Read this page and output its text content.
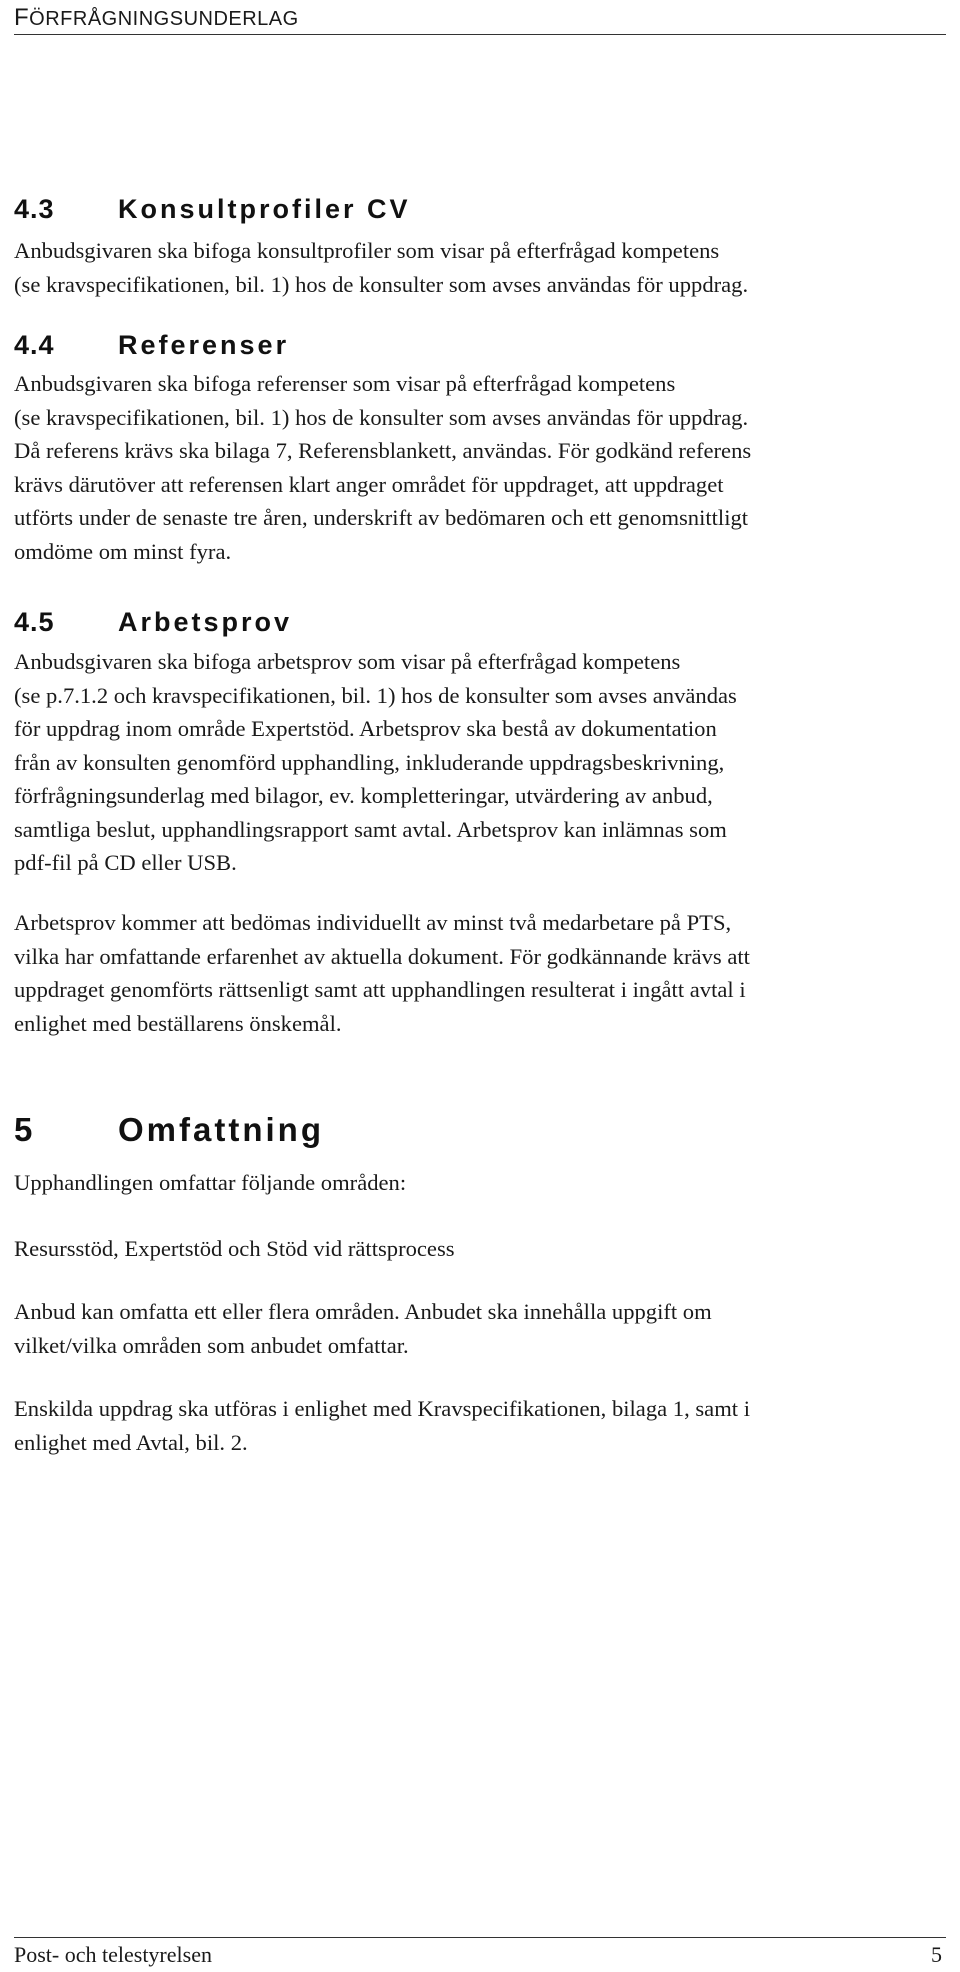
FÖRFRÅGNINGSUNDERLAG
4.3 Konsultprofiler CV

Anbudsgivaren ska bifoga konsultprofiler som visar på efterfrågad kompetens
(se kravspecifikationen, bil. 1) hos de konsulter som avses användas för uppdrag.

4.4 Referenser

Anbudsgivaren ska bifoga referenser som visar på efterfrågad kompetens
(se kravspecifikationen, bil. 1) hos de konsulter som avses användas för uppdrag.
Då referens krävs ska bilaga 7, Referensblankett, användas. För godkänd referens
krävs därutöver att referensen klart anger området för uppdraget, att uppdraget
utförts under de senaste tre åren, underskrift av bedömaren och ett genomsnittligt
omdöme om minst fyra.

4.5 Arbetsprov

Anbudsgivaren ska bifoga arbetsprov som visar på efterfrågad kompetens
(se p.7.1.2 och kravspecifikationen, bil. 1) hos de konsulter som avses användas
för uppdrag inom område Expertstöd. Arbetsprov ska bestå av dokumentation
från av konsulten genomförd upphandling, inkluderande uppdragsbeskrivning,
förfrågningsunderlag med bilagor, ev. kompletteringar, utvärdering av anbud,
samtliga beslut, upphandlingsrapport samt avtal. Arbetsprov kan inlämnas som
pdf-fil på CD eller USB.

Arbetsprov kommer att bedömas individuellt av minst två medarbetare på PTS,
vilka har omfattande erfarenhet av aktuella dokument. För godkännande krävs att
uppdraget genomförts rättsenligt samt att upphandlingen resulterat i ingått avtal i
enlighet med beställarens önskemål.

5	Omfattning

Upphandlingen omfattar följande områden:

Resursstöd, Expertstöd och Stöd vid rättsprocess

Anbud kan omfatta ett eller flera områden. Anbudet ska innehålla uppgift om
vilket/vilka områden som anbudet omfattar.

Enskilda uppdrag ska utföras i enlighet med Kravspecifikationen, bilaga 1, samt i
enlighet med Avtal, bil. 2.

Post- och telestyrelsen	5
